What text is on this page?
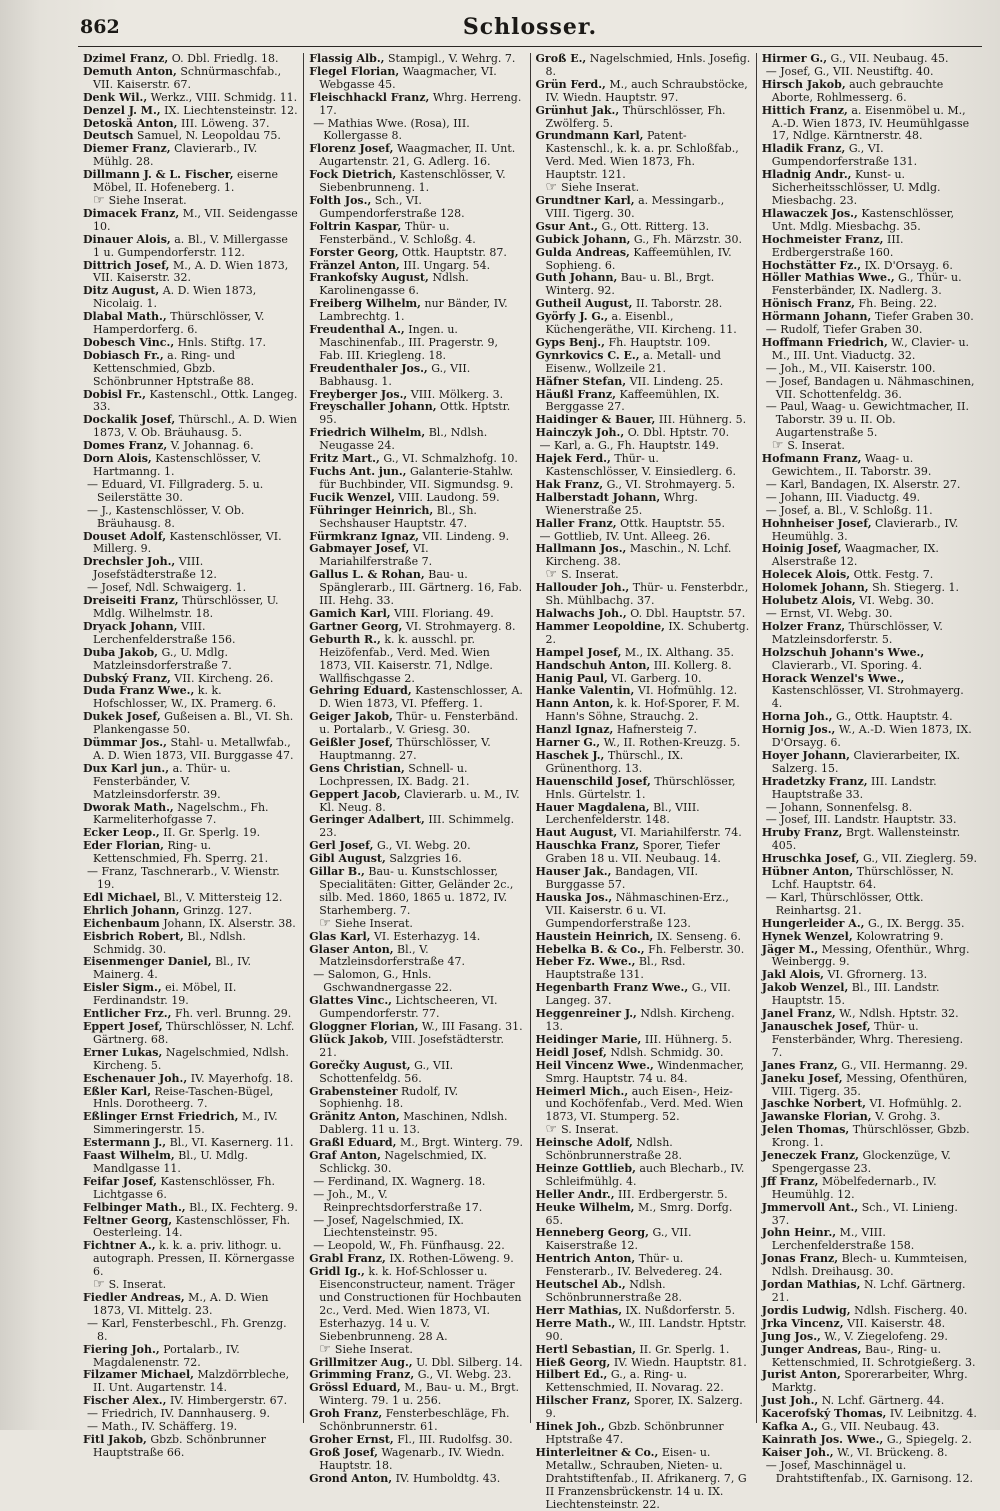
862	Schlosser.
Dzimel Franz, O. Dbl. Friedlg. 18.
Demuth Anton, Schnürmaschfab., VII. Kaiserstr. 67.
Denk Wil., Werkz., VIII. Schmidg. 11.
Denzel J. M., IX. Liechtensteinstr. 12.
Detoskä Anton, III. Löweng. 37.
Deutsch Samuel, N. Leopoldau 75.
Diemer Franz, Clavierarb., IV. Mühlg. 28.
Dillmann J. & L. Fischer, eiserne Möbel, II. Hofeneberg. 1.
☞ Siehe Inserat.
Dimacek Franz, M., VII. Seidengasse 10.
Dinauer Alois, a. Bl., V. Millergasse 1 u. Gumpendorferstr. 112.
Dittrich Josef, M., A. D. Wien 1873, VII. Kaiserstr. 32.
Ditz August, A. D. Wien 1873, Nicolaig. 1.
Dlabal Math., Thürschlösser, V. Hamperdorferg. 6.
Dobesch Vinc., Hnls. Stiftg. 17.
Dobiasch Fr., a. Ring- und Kettenschmied, Gbzb. Schönbrunner Hptstraße 88.
Dobisl Fr., Kastenschl., Ottk. Langeg. 33.
Dockalik Josef, Thürschl., A. D. Wien 1873, V. Ob. Bräuhausg. 5.
Domes Franz, V. Johannag. 6.
Dorn Alois, Kastenschlösser, V. Hartmanng. 1.
— Eduard, VI. Fillgraderg. 5. u. Seilerstätte 30.
— J., Kastenschlösser, V. Ob. Bräuhausg. 8.
Douset Adolf, Kastenschlösser, VI. Millerg. 9.
Drechsler Joh., VIII. Josefstädterstraße 12.
— Josef, Ndl. Schwaigerg. 1.
Dreiseiti Franz, Thürschlösser, U. Mdlg. Wilhelmstr. 18.
Dryack Johann, VIII. Lerchenfelderstraße 156.
Duba Jakob, G., U. Mdlg. Matzleinsdorferstraße 7.
Dubský Franz, VII. Kircheng. 26.
Duda Franz Wwe., k. k. Hofschlosser, W., IX. Pramerg. 6.
Dukek Josef, Gußeisen a. Bl., VI. Sh. Plankengasse 50.
Dümmar Jos., Stahl- u. Metallwfab., A. D. Wien 1873, VII. Burggasse 47.
Dux Karl jun., a. Thür- u. Fensterbänder, V. Matzleinsdorferstr. 39.
Dworak Math., Nagelschm., Fh. Karmeliterhofgasse 7.
Ecker Leop., II. Gr. Sperlg. 19.
Eder Florian, Ring- u. Kettenschmied, Fh. Sperrg. 21.
— Franz, Taschnerarb., V. Wienstr. 19.
Edl Michael, Bl., V. Mittersteig 12.
Ehrlich Johann, Grinzg. 127.
Eichenbaum Johann, IX. Alserstr. 38.
Eisbrich Robert, Bl., Ndlsh. Schmidg. 30.
Eisenmenger Daniel, Bl., IV. Mainerg. 4.
Eisler Sigm., ei. Möbel, II. Ferdinandstr. 19.
Entlicher Frz., Fh. verl. Brunng. 29.
Eppert Josef, Thürschlösser, N. Lchf. Gärtnerg. 68.
Erner Lukas, Nagelschmied, Ndlsh. Kircheng. 5.
Eschenauer Joh., IV. Mayerhofg. 18.
Eßler Karl, Reise-Taschen-Bügel, Hnls. Dorotheerg. 7.
Eßlinger Ernst Friedrich, M., IV. Simmeringerstr. 15.
Estermann J., Bl., VI. Kasernerg. 11.
Faast Wilhelm, Bl., U. Mdlg. Mandlgasse 11.
Feifar Josef, Kastenschlösser, Fh. Lichtgasse 6.
Felbinger Math., Bl., IX. Fechterg. 9.
Feltner Georg, Kastenschlösser, Fh. Oesterleing. 14.
Fichtner A., k. k. a. priv. lithogr. u. autograph. Pressen, II. Körnergasse 6.
☞ S. Inserat.
Fiedler Andreas, M., A. D. Wien 1873, VI. Mittelg. 23.
— Karl, Fensterbeschl., Fh. Grenzg. 8.
Fiering Joh., Portalarb., IV. Magdalenenstr. 72.
Filzamer Michael, Malzdörrbleche, II. Unt. Augartenstr. 14.
Fischer Alex., IV. Himbergerstr. 67.
— Friedrich, IV. Dannhauserg. 9.
— Math., IV. Schäfferg. 19.
Fitl Jakob, Gbzb. Schönbrunner Hauptstraße 66.
Flassig Alb., Stampigl., V. Wehrg. 7.
Flegel Florian, Waagmacher, VI. Webgasse 45.
Fleischhackl Franz, Whrg. Herreng. 17.
— Mathias Wwe. (Rosa), III. Kollergasse 8.
Florenz Josef, Waagmacher, II. Unt. Augartenstr. 21, G. Adlerg. 16.
Fock Dietrich, Kastenschlösser, V. Siebenbrunneng. 1.
Folth Jos., Sch., VI. Gumpendorferstraße 128.
Foltrin Kaspar, Thür- u. Fensterbänd., V. Schloßg. 4.
Forster Georg, Ottk. Hauptstr. 87.
Fränzel Anton, III. Ungarg. 54.
Frankofsky August, Ndlsh. Karolinengasse 6.
Freiberg Wilhelm, nur Bänder, IV. Lambrechtg. 1.
Freudenthal A., Ingen. u. Maschinenfab., III. Pragerstr. 9, Fab. III. Kriegleng. 18.
Freudenthaler Jos., G., VII. Babhausg. 1.
Freyberger Jos., VIII. Mölkerg. 3.
Freyschaller Johann, Ottk. Hptstr. 95.
Friedrich Wilhelm, Bl., Ndlsh. Neugasse 24.
Fritz Mart., G., VI. Schmalzhofg. 10.
Fuchs Ant. jun., Galanterie-Stahlw. für Buchbinder, VII. Sigmundsg. 9.
Fucik Wenzel, VIII. Laudong. 59.
Führinger Heinrich, Bl., Sh. Sechshauser Hauptstr. 47.
Fürmkranz Ignaz, VII. Lindeng. 9.
Gabmayer Josef, VI. Mariahilferstraße 7.
Gallus L. & Rohan, Bau- u. Spänglerarb., III. Gärtnerg. 16, Fab. III. Hehg. 33.
Gamich Karl, VIII. Floriang. 49.
Gartner Georg, VI. Strohmayerg. 8.
Geburth R., k. k. ausschl. pr. Heizöfenfab., Verd. Med. Wien 1873, VII. Kaiserstr. 71, Ndlge. Wallfischgasse 2.
Gehring Eduard, Kastenschlosser, A. D. Wien 1873, VI. Pfefferg. 1.
Geiger Jakob, Thür- u. Fensterbänd. u. Portalarb., V. Griesg. 30.
Geißler Josef, Thürschlösser, V. Hauptmanng. 27.
Gens Christian, Schnell- u. Lochpressen, IX. Badg. 21.
Geppert Jacob, Clavierarb. u. M., IV. Kl. Neug. 8.
Geringer Adalbert, III. Schimmelg. 23.
Gerl Josef, G., VI. Webg. 20.
Gibl August, Salzgries 16.
Gillar B., Bau- u. Kunstschlosser, Specialitäten: Gitter, Geländer 2c., silb. Med. 1860, 1865 u. 1872, IV. Starhemberg. 7.
☞ Siehe Inserat.
Glas Karl, VI. Esterhazyg. 14.
Glaser Anton, Bl., V. Matzleinsdorferstraße 47.
— Salomon, G., Hnls. Gschwandnergasse 22.
Glattes Vinc., Lichtscheeren, VI. Gumpendorferstr. 77.
Gloggner Florian, W., III Fasang. 31.
Glück Jakob, VIII. Josefstädterstr. 21.
Gorečky August, G., VII. Schottenfeldg. 56.
Grabensteiner Rudolf, IV. Sophienhg. 18.
Gränitz Anton, Maschinen, Ndlsh. Dablerg. 11 u. 13.
Graßl Eduard, M., Brgt. Winterg. 79.
Graf Anton, Nagelschmied, IX. Schlickg. 30.
— Ferdinand, IX. Wagnerg. 18.
— Joh., M., V. Reinprechtsdorferstraße 17.
— Josef, Nagelschmied, IX. Liechtensteinstr. 95.
— Leopold, W., Fh. Fünfhausg. 22.
Grabl Franz, IX. Rothen-Löweng. 9.
Gridl Ig., k. k. Hof-Schlosser u. Eisenconstructeur, nament. Träger und Constructionen für Hochbauten 2c., Verd. Med. Wien 1873, VI. Esterhazyg. 14 u. V. Siebenbrunneng. 28 A.
☞ Siehe Inserat.
Grillmitzer Aug., U. Dbl. Silberg. 14.
Grimming Franz, G., VI. Webg. 23.
Grössl Eduard, M., Bau- u. M., Brgt. Winterg. 79. 1 u. 256.
Groh Franz, Fensterbeschläge, Fh. Schönbrunnerstr. 61.
Groher Ernst, Fl., III. Rudolfsg. 30.
Groß Josef, Wagenarb., IV. Wiedn. Hauptstr. 18.
Grond Anton, IV. Humboldtg. 43.
Groß E., Nagelschmied, Hnls. Josefig. 8.
Grün Ferd., M., auch Schraubstöcke, IV. Wiedn. Hauptstr. 97.
Grünhut Jak., Thürschlösser, Fh. Zwölferg. 5.
Grundmann Karl, Patent-Kastenschl., k. k. a. pr. Schloßfab., Verd. Med. Wien 1873, Fh. Hauptstr. 121.
☞ Siehe Inserat.
Grundtner Karl, a. Messingarb., VIII. Tigerg. 30.
Gsur Ant., G., Ott. Ritterg. 13.
Gubick Johann, G., Fh. Märzstr. 30.
Gulda Andreas, Kaffeemühlen, IV. Sophieng. 6.
Guth Johann, Bau- u. Bl., Brgt. Winterg. 92.
Gutheil August, II. Taborstr. 28.
Györfy J. G., a. Eisenbl., Küchengeräthe, VII. Kircheng. 11.
Gyps Benj., Fh. Hauptstr. 109.
Gynrkovics C. E., a. Metall- und Eisenw., Wollzeile 21.
Häfner Stefan, VII. Lindeng. 25.
Häußl Franz, Kaffeemühlen, IX. Berggasse 27.
Haidinger & Bauer, III. Hühnerg. 5.
Hainczyk Joh., O. Dbl. Hptstr. 70.
— Karl, a. G., Fh. Hauptstr. 149.
Hajek Ferd., Thür- u. Kastenschlösser, V. Einsiedlerg. 6.
Hak Franz, G., VI. Strohmayerg. 5.
Halberstadt Johann, Whrg. Wienerstraße 25.
Haller Franz, Ottk. Hauptstr. 55.
— Gottlieb, IV. Unt. Alleeg. 26.
Hallmann Jos., Maschin., N. Lchf. Kircheng. 38.
☞ S. Inserat.
Hallouder Joh., Thür- u. Fensterbdr., Sh. Mühlbachg. 37.
Halwachs Joh., O. Dbl. Hauptstr. 57.
Hammer Leopoldine, IX. Schubertg. 2.
Hampel Josef, M., IX. Althang. 35.
Handschuh Anton, III. Kollerg. 8.
Hanig Paul, VI. Garberg. 10.
Hanke Valentin, VI. Hofmühlg. 12.
Hann Anton, k. k. Hof-Sporer, F. M. Hann's Söhne, Strauchg. 2.
Hanzl Ignaz, Hafnersteig 7.
Harner G., W., II. Rothen-Kreuzg. 5.
Haschek J., Thürschl., IX. Grünenthorg. 13.
Hauenschild Josef, Thürschlösser, Hnls. Gürtelstr. 1.
Hauer Magdalena, Bl., VIII. Lerchenfelderstr. 148.
Haut August, VI. Mariahilferstr. 74.
Hauschka Franz, Sporer, Tiefer Graben 18 u. VII. Neubaug. 14.
Hauser Jak., Bandagen, VII. Burggasse 57.
Hauska Jos., Nähmaschinen-Erz., VII. Kaiserstr. 6 u. VI. Gumpendorferstraße 123.
Haustein Heinrich, IX. Senseng. 6.
Hebelka B. & Co., Fh. Felberstr. 30.
Heber Fz. Wwe., Bl., Rsd. Hauptstraße 131.
Hegenbarth Franz Wwe., G., VII. Langeg. 37.
Heggenreiner J., Ndlsh. Kircheng. 13.
Heidinger Marie, III. Hühnerg. 5.
Heidl Josef, Ndlsh. Schmidg. 30.
Heil Vincenz Wwe., Windenmacher, Smrg. Hauptstr. 74 u. 84.
Heimerl Mich., auch Eisen-, Heiz- und Kochöfenfab., Verd. Med. Wien 1873, VI. Stumperg. 52.
☞ S. Inserat.
Heinsche Adolf, Ndlsh. Schönbrunnerstraße 28.
Heinze Gottlieb, auch Blecharb., IV. Schleifmühlg. 4.
Heller Andr., III. Erdbergerstr. 5.
Heuke Wilhelm, M., Smrg. Dorfg. 65.
Henneberg Georg, G., VII. Kaiserstraße 12.
Hentrich Anton, Thür- u. Fensterarb., IV. Belvedereg. 24.
Heutschel Ab., Ndlsh. Schönbrunnerstraße 28.
Herr Mathias, IX. Nußdorferstr. 5.
Herre Math., W., III. Landstr. Hptstr. 90.
Hertl Sebastian, II. Gr. Sperlg. 1.
Hieß Georg, IV. Wiedn. Hauptstr. 81.
Hilbert Ed., G., a. Ring- u. Kettenschmied, II. Novarag. 22.
Hilscher Franz, Sporer, IX. Salzerg. 9.
Hinek Joh., Gbzb. Schönbrunner Hptstraße 47.
Hinterleitner & Co., Eisen- u. Metallw., Schrauben, Nieten- u. Drahtstiftenfab., II. Afrikanerg. 7, G II Franzensbrückenstr. 14 u. IX. Liechtensteinstr. 22.
Hirmer G., G., VII. Neubaug. 45.
— Josef, G., VII. Neustiftg. 40.
Hirsch Jakob, auch gebrauchte Aborte, Rohlmesserg. 6.
Hittich Franz, a. Eisenmöbel u. M., A.-D. Wien 1873, IV. Heumühlgasse 17, Ndlge. Kärntnerstr. 48.
Hladik Franz, G., VI. Gumpendorferstraße 131.
Hladnig Andr., Kunst- u. Sicherheitsschlösser, U. Mdlg. Miesbachg. 23.
Hlawaczek Jos., Kastenschlösser, Unt. Mdlg. Miesbachg. 35.
Hochmeister Franz, III. Erdbergerstraße 160.
Hochstätter Fz., IX. D'Orsayg. 6.
Höller Mathias Wwe., G., Thür- u. Fensterbänder, IX. Nadlerg. 3.
Hönisch Franz, Fh. Being. 22.
Hörmann Johann, Tiefer Graben 30.
— Rudolf, Tiefer Graben 30.
Hoffmann Friedrich, W., Clavier- u. M., III. Unt. Viaductg. 32.
— Joh., M., VII. Kaiserstr. 100.
— Josef, Bandagen u. Nähmaschinen, VII. Schottenfeldg. 36.
— Paul, Waag- u. Gewichtmacher, II. Taborstr. 39 u. II. Ob. Augartenstraße 5.
☞ S. Inserat.
Hofmann Franz, Waag- u. Gewichtem., II. Taborstr. 39.
— Karl, Bandagen, IX. Alserstr. 27.
— Johann, III. Viaductg. 49.
— Josef, a. Bl., V. Schloßg. 11.
Hohnheiser Josef, Clavierarb., IV. Heumühlg. 3.
Hoinig Josef, Waagmacher, IX. Alserstraße 12.
Holecek Alois, Ottk. Festg. 7.
Holomek Johann, Sh. Stiegerg. 1.
Holubetz Alois, VI. Webg. 30.
— Ernst, VI. Webg. 30.
Holzer Franz, Thürschlösser, V. Matzleinsdorferstr. 5.
Holzschuh Johann's Wwe., Clavierarb., VI. Sporing. 4.
Horack Wenzel's Wwe., Kastenschlösser, VI. Strohmayerg. 4.
Horna Joh., G., Ottk. Hauptstr. 4.
Hornig Jos., W., A.-D. Wien 1873, IX. D'Orsayg. 6.
Hoyer Johann, Clavierarbeiter, IX. Salzerg. 15.
Hradetzky Franz, III. Landstr. Hauptstraße 33.
— Johann, Sonnenfelsg. 8.
— Josef, III. Landstr. Hauptstr. 33.
Hruby Franz, Brgt. Wallensteinstr. 405.
Hruschka Josef, G., VII. Zieglerg. 59.
Hübner Anton, Thürschlösser, N. Lchf. Hauptstr. 64.
— Karl, Thürschlösser, Ottk. Reinhartsg. 21.
Hungerleider A., G., IX. Bergg. 35.
Hynek Wenzel, Kolowratring 9.
Jäger M., Messing, Ofenthür., Whrg. Weinbergg. 9.
Jakl Alois, VI. Gfrornerg. 13.
Jakob Wenzel, Bl., III. Landstr. Hauptstr. 15.
Janel Franz, W., Ndlsh. Hptstr. 32.
Janauschek Josef, Thür- u. Fensterbänder, Whrg. Theresieng. 7.
Janes Franz, G., VII. Hermanng. 29.
Janeku Josef, Messing, Ofenthüren, VIII. Tigerg. 35.
Jaschke Norbert, VI. Hofmühlg. 2.
Jawanske Florian, V. Grohg. 3.
Jelen Thomas, Thürschlösser, Gbzb. Krong. 1.
Jeneczek Franz, Glockenzüge, V. Spengergasse 23.
Jff Franz, Möbelfedernarb., IV. Heumühlg. 12.
Jmmervoll Ant., Sch., VI. Linieng. 37.
John Heinr., M., VIII. Lerchenfelderstraße 158.
Jonas Franz, Blech- u. Kummteisen, Ndlsh. Dreihausg. 30.
Jordan Mathias, N. Lchf. Gärtnerg. 21.
Jordis Ludwig, Ndlsh. Fischerg. 40.
Jrka Vincenz, VII. Kaiserstr. 48.
Jung Jos., W., V. Ziegelofeng. 29.
Junger Andreas, Bau-, Ring- u. Kettenschmied, II. Schrotgießerg. 3.
Jurist Anton, Sporerarbeiter, Whrg. Marktg.
Just Joh., N. Lchf. Gärtnerg. 44.
Kacerofský Thomas, IV. Leibnitzg. 4.
Kafka A., G., VII. Neubaug. 43.
Kainrath Jos. Wwe., G., Spiegelg. 2.
Kaiser Joh., W., VI. Brückeng. 8.
— Josef, Maschinnägel u. Drahtstiftenfab., IX. Garnisong. 12.
